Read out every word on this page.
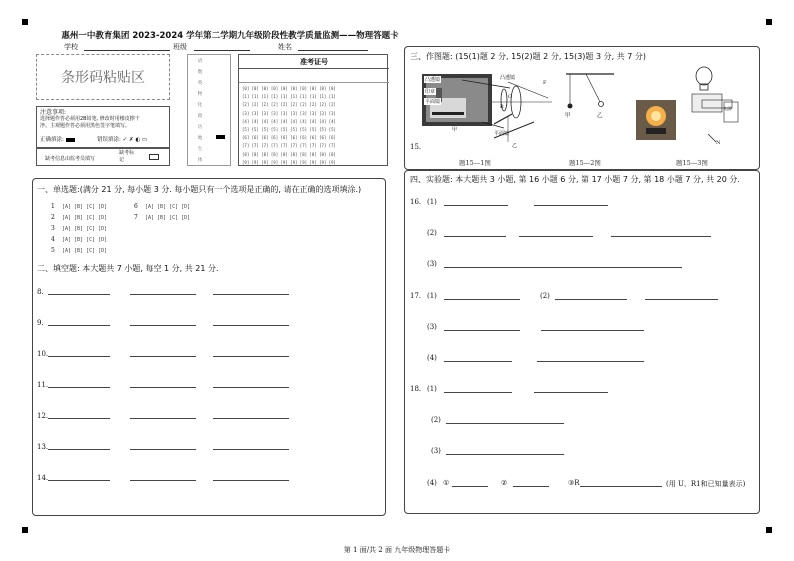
惠州一中教育集团 2023-2024 学年第二学期九年级阶段性教学质量监测——物理答题卡
学校	班级	姓名
条形码粘贴区
注意事项:
选择题作答必须用2B铅笔, 修改时用橡皮擦干
净。主观题作答必须用黑色签字笔填写。
正确填涂:	错误填涂: ✓ ✗ ◐ ▭
缺考信息由监考员填写
缺考标记
语
数
英
物
化
政
历
地
生
体
准考证号
[0] [0] [0] [0] [0] [0] [0] [0] [0] [0]
[1] [1] [1] [1] [1] [1] [1] [1] [1] [1]
[2] [2] [2] [2] [2] [2] [2] [2] [2] [2]
[3] [3] [3] [3] [3] [3] [3] [3] [3] [3]
[4] [4] [4] [4] [4] [4] [4] [4] [4] [4]
[5] [5] [5] [5] [5] [5] [5] [5] [5] [5]
[6] [6] [6] [6] [6] [6] [6] [6] [6] [6]
[7] [7] [7] [7] [7] [7] [7] [7] [7] [7]
[8] [8] [8] [8] [8] [8] [8] [8] [8] [8]
[9] [9] [9] [9] [9] [9] [9] [9] [9] [9]
一、单选题:(满分 21 分, 每小题 3 分. 每小题只有一个选项是正确的, 请在正确的选项填涂.)
1 [A] [B] [C] [D]
2 [A] [B] [C] [D]
3 [A] [B] [C] [D]
4 [A] [B] [C] [D]
5 [A] [B] [C] [D]
6 [A] [B] [C] [D]
7 [A] [B] [C] [D]
二、填空题: 本大题共 7 小题, 每空 1 分, 共 21 分.
8.
9.
10.
11.
12.
13.
14.
三、作图题: (15(1)题 2 分, 15(2)题 2 分, 15(3)题 3 分, 共 7 分)
15.
凸透镜
印章
平面镜
甲
凸透镜
F
O
B
平面镜
乙
甲	乙
电源
N
题15—1图	题15—2图	题15—3图
四、实验题: 本大题共 3 小题, 第 16 小题 6 分, 第 17 小题 7 分, 第 18 小题 7 分, 共 20 分.
16. (1)
(2)
(3)
17. (1)	(2)
(3)
(4)
18. (1)
(2)
(3)
(4) ①	②	③R	(用 U、R1和已知量表示)
第 1 面/共 2 面 九年级物理答题卡
